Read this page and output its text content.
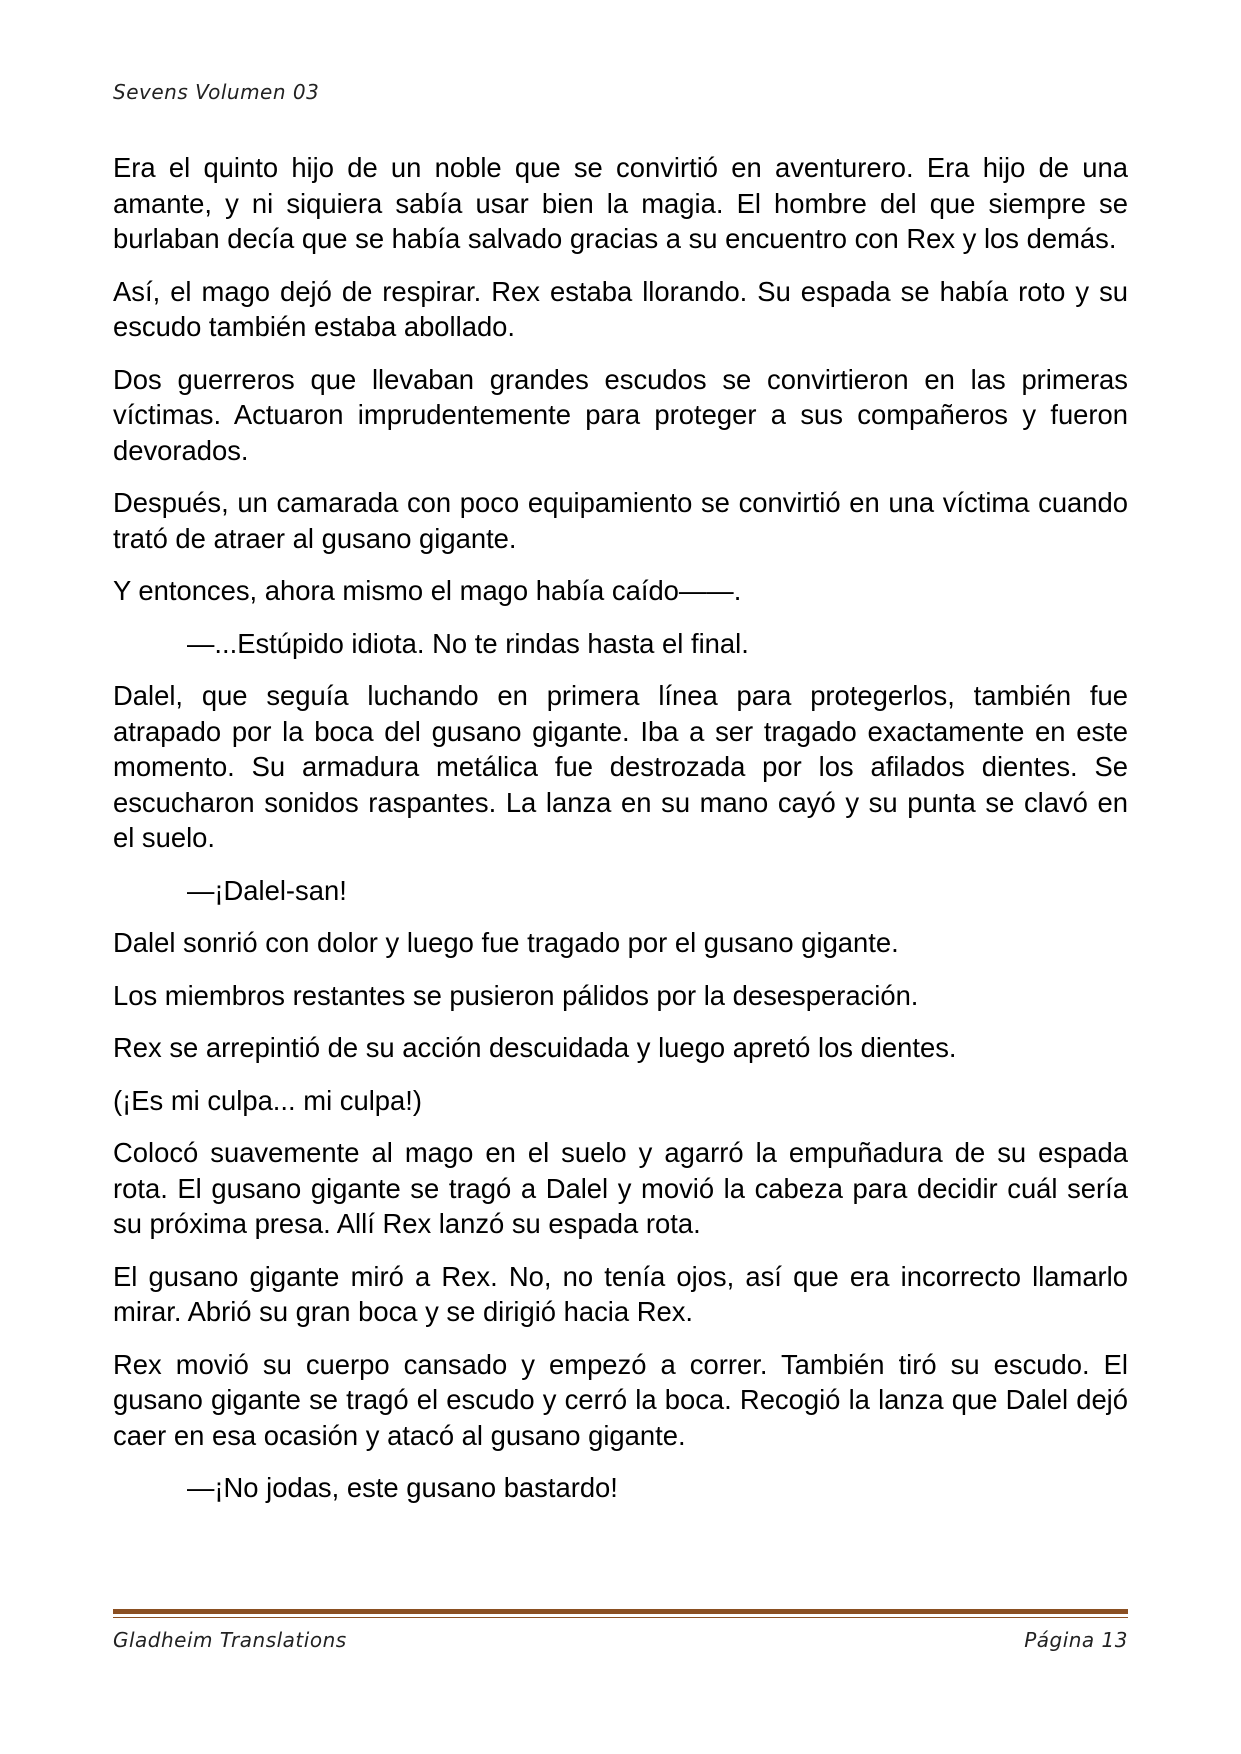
Sevens Volumen 03

Era el quinto hijo de un noble que se convirtió en aventurero. Era hijo de una amante, y ni siquiera sabía usar bien la magia. El hombre del que siempre se burlaban decía que se había salvado gracias a su encuentro con Rex y los demás.

Así, el mago dejó de respirar. Rex estaba llorando. Su espada se había roto y su escudo también estaba abollado.

Dos guerreros que llevaban grandes escudos se convirtieron en las primeras víctimas. Actuaron imprudentemente para proteger a sus compañeros y fueron devorados.

Después, un camarada con poco equipamiento se convirtió en una víctima cuando trató de atraer al gusano gigante.

Y entonces, ahora mismo el mago había caído——.

—...Estúpido idiota. No te rindas hasta el final.

Dalel, que seguía luchando en primera línea para protegerlos, también fue atrapado por la boca del gusano gigante. Iba a ser tragado exactamente en este momento. Su armadura metálica fue destrozada por los afilados dientes. Se escucharon sonidos raspantes. La lanza en su mano cayó y su punta se clavó en el suelo.

—¡Dalel-san!

Dalel sonrió con dolor y luego fue tragado por el gusano gigante.

Los miembros restantes se pusieron pálidos por la desesperación.

Rex se arrepintió de su acción descuidada y luego apretó los dientes.

(¡Es mi culpa... mi culpa!)

Colocó suavemente al mago en el suelo y agarró la empuñadura de su espada rota. El gusano gigante se tragó a Dalel y movió la cabeza para decidir cuál sería su próxima presa. Allí Rex lanzó su espada rota.

El gusano gigante miró a Rex. No, no tenía ojos, así que era incorrecto llamarlo mirar. Abrió su gran boca y se dirigió hacia Rex.

Rex movió su cuerpo cansado y empezó a correr. También tiró su escudo. El gusano gigante se tragó el escudo y cerró la boca. Recogió la lanza que Dalel dejó caer en esa ocasión y atacó al gusano gigante.

—¡No jodas, este gusano bastardo!

Gladheim Translations	Página 13
